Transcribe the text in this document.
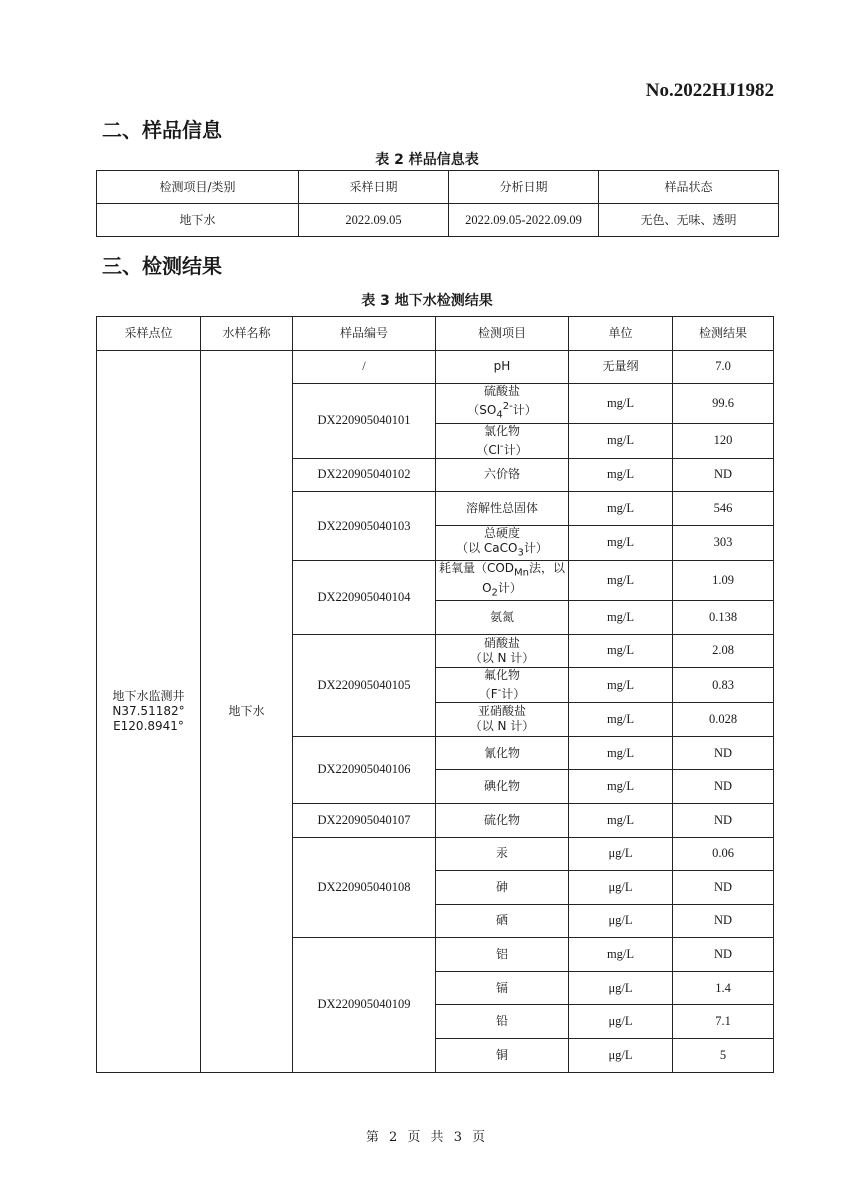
No.2022HJ1982
二、样品信息
表 2 样品信息表
检测项目/类别	采样日期	分析日期	样品状态
地下水	2022.09.05	2022.09.05-2022.09.09	无色、无味、透明
三、检测结果
表 3 地下水检测结果
采样点位	水样名称	样品编号	检测项目	单位	检测结果

地下水监测井
N37.51182°
E120.8941°	地下水	/	pH	无量纲	7.0
		DX220905040101	硫酸盐
（$SO_4^{2-}$计）	mg/L	99.6

			氯化物
（Cl-计）	mg/L	120
		DX220905040102	六价铬	mg/L	ND
		DX220905040103	溶解性总固体	mg/L	546

			总硬度
（以 CaCO$_3$计）	mg/L	303
		DX220905040104	耗氧量（$COD_{Mn}$法，以
$O_2$计）	mg/L	1.09

			氨氮	mg/L	0.138
		DX220905040105	硝酸盐
（以 N 计）	mg/L	2.08

			氟化物
（F-计）	mg/L	0.83

			亚硝酸盐
（以 N 计）	mg/L	0.028
		DX220905040106	氰化物	mg/L	ND

			碘化物	mg/L	ND
		DX220905040107	硫化物	mg/L	ND
		DX220905040108	汞	μg/L	0.06

			砷	μg/L	ND

			硒	μg/L	ND
		DX220905040109	铝	mg/L	ND

			镉	μg/L	1.4

			铅	μg/L	7.1

			铜	μg/L	5
第 2 页 共 3 页
